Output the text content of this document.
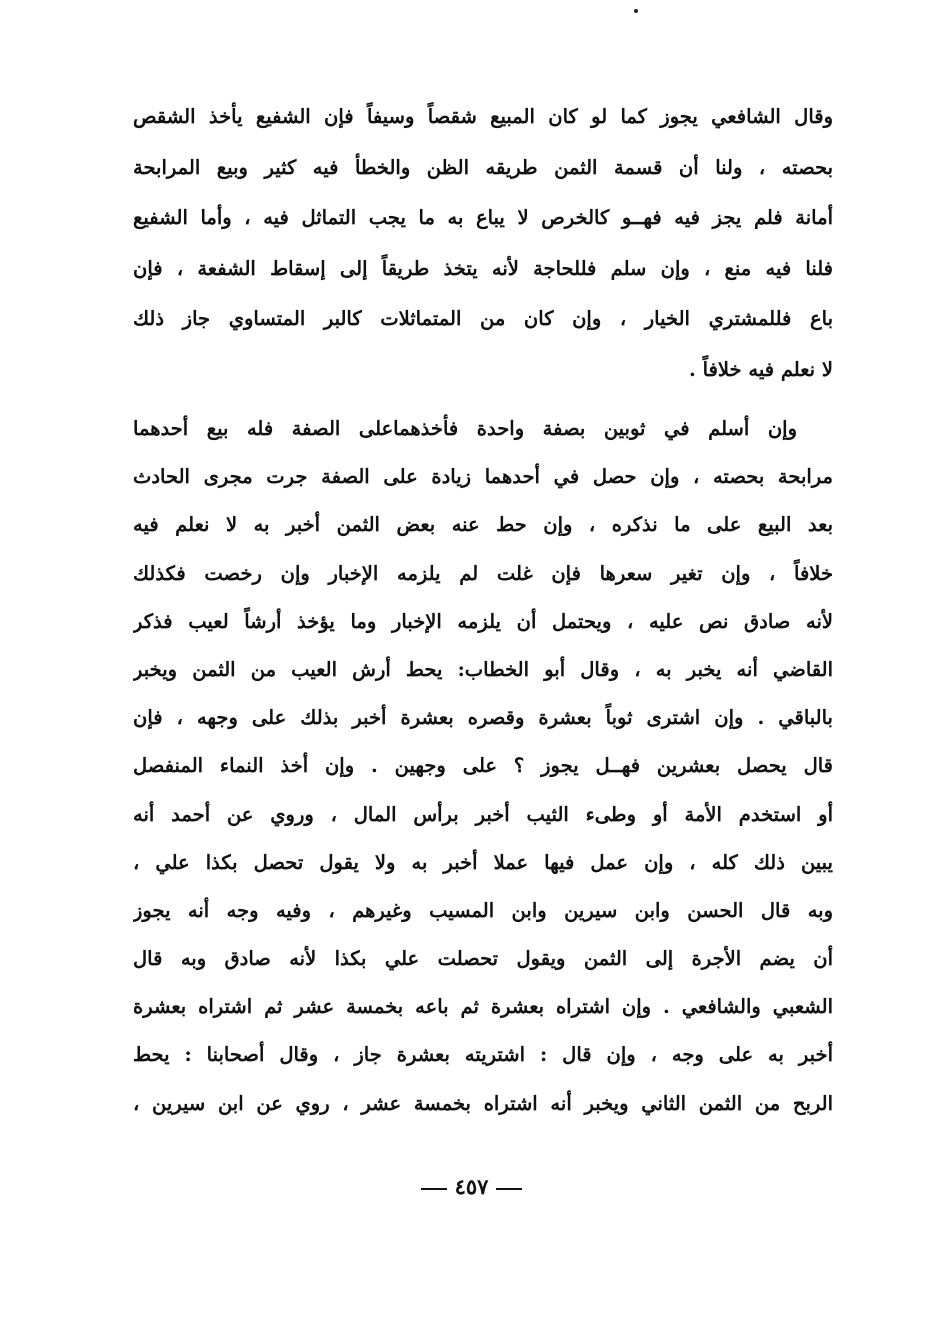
وقال الشافعي يجوز كما لو كان المبيع شقصاً وسيفاً فإن الشفيع يأخذ الشقص
بحصته ، ولنا أن قسمة الثمن طريقه الظن والخطأ فيه كثير وبيع المرابحة
أمانة فلم يجز فيه فهــو كالخرص لا يباع به ما يجب التماثل فيه ، وأما الشفيع
فلنا فيه منع ، وإن سلم فللحاجة لأنه يتخذ طريقاً إلى إسقاط الشفعة ، فإن
باع فللمشتري الخيار ، وإن كان من المتماثلات كالبر المتساوي جاز ذلك
لا نعلم فيه خلافاً .
وإن أسلم في ثوبين بصفة واحدة فأخذهماعلى الصفة فله بيع أحدهما
مرابحة بحصته ، وإن حصل في أحدهما زيادة على الصفة جرت مجرى الحادث
بعد البيع على ما نذكره ، وإن حط عنه بعض الثمن أخبر به لا نعلم فيه
خلافاً ، وإن تغير سعرها فإن غلت لم يلزمه الإخبار وإن رخصت فكذلك
لأنه صادق نص عليه ، ويحتمل أن يلزمه الإخبار وما يؤخذ أرشاً لعيب فذكر
القاضي أنه يخبر به ، وقال أبو الخطاب: يحط أرش العيب من الثمن ويخبر
بالباقي . وإن اشترى ثوباً بعشرة وقصره بعشرة أخبر بذلك على وجهه ، فإن
قال يحصل بعشرين فهــل يجوز ؟ على وجهين . وإن أخذ النماء المنفصل
أو استخدم الأمة أو وطىء الثيب أخبر برأس المال ، وروي عن أحمد أنه
يبين ذلك كله ، وإن عمل فيها عملا أخبر به ولا يقول تحصل بكذا علي ،
وبه قال الحسن وابن سيرين وابن المسيب وغيرهم ، وفيه وجه أنه يجوز
أن يضم الأجرة إلى الثمن ويقول تحصلت علي بكذا لأنه صادق وبه قال
الشعبي والشافعي . وإن اشتراه بعشرة ثم باعه بخمسة عشر ثم اشتراه بعشرة
أخبر به على وجه ، وإن قال : اشتريته بعشرة جاز ، وقال أصحابنا : يحط
الربح من الثمن الثاني ويخبر أنه اشتراه بخمسة عشر ، روي عن ابن سيرين ،
٤٥٧
